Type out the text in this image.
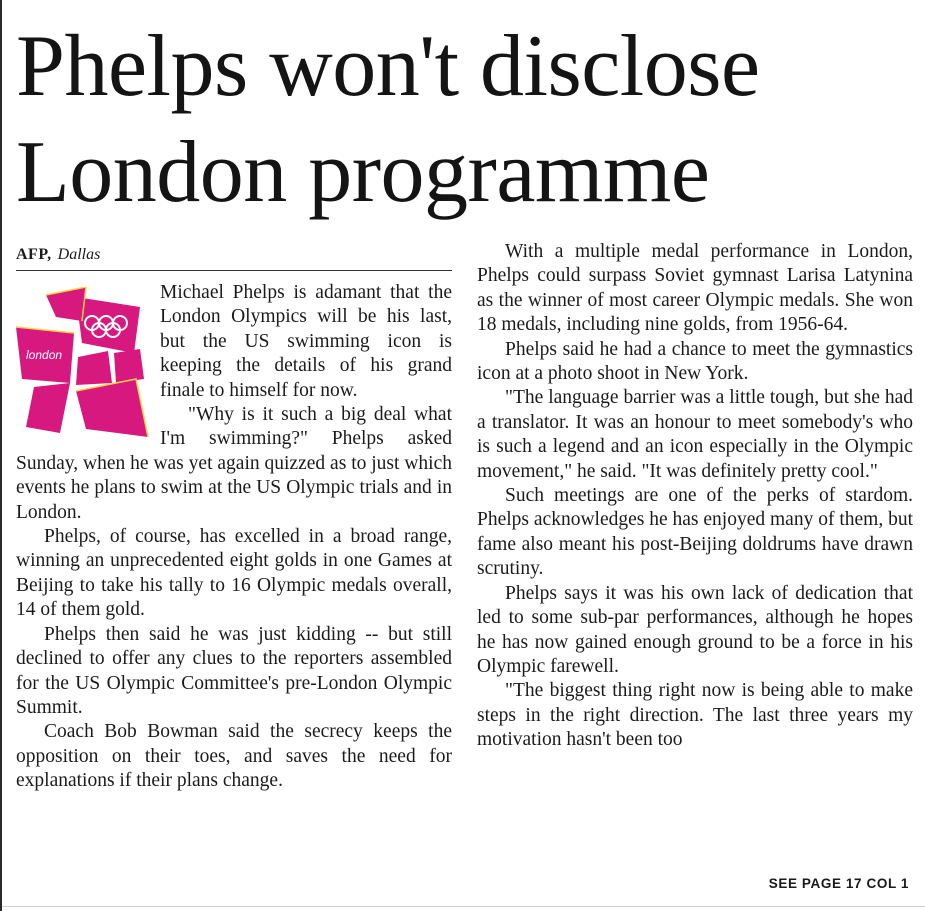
Phelps won't disclose
London programme
AFP, Dallas
london

Michael Phelps is adamant that the London Olympics will be his last, but the US swimming icon is keeping the details of his grand finale to himself for now.

"Why is it such a big deal what I'm swimming?" Phelps asked Sunday, when he was yet again quizzed as to just which events he plans to swim at the US Olympic trials and in London.

Phelps, of course, has excelled in a broad range, winning an unprecedented eight golds in one Games at Beijing to take his tally to 16 Olympic medals overall, 14 of them gold.

Phelps then said he was just kidding -- but still declined to offer any clues to the reporters assembled for the US Olympic Committee's pre-London Olympic Summit.

Coach Bob Bowman said the secrecy keeps the opposition on their toes, and saves the need for explanations if their plans change.

With a multiple medal performance in London, Phelps could surpass Soviet gymnast Larisa Latynina as the winner of most career Olympic medals. She won 18 medals, including nine golds, from 1956-64.

Phelps said he had a chance to meet the gymnastics icon at a photo shoot in New York.

"The language barrier was a little tough, but she had a translator. It was an honour to meet somebody's who is such a legend and an icon especially in the Olympic movement," he said. "It was definitely pretty cool."

Such meetings are one of the perks of stardom. Phelps acknowledges he has enjoyed many of them, but fame also meant his post-Beijing doldrums have drawn scrutiny.

Phelps says it was his own lack of dedication that led to some sub-par performances, although he hopes he has now gained enough ground to be a force in his Olympic farewell.

"The biggest thing right now is being able to make steps in the right direction. The last three years my motivation hasn't been too

SEE PAGE 17 COL 1
